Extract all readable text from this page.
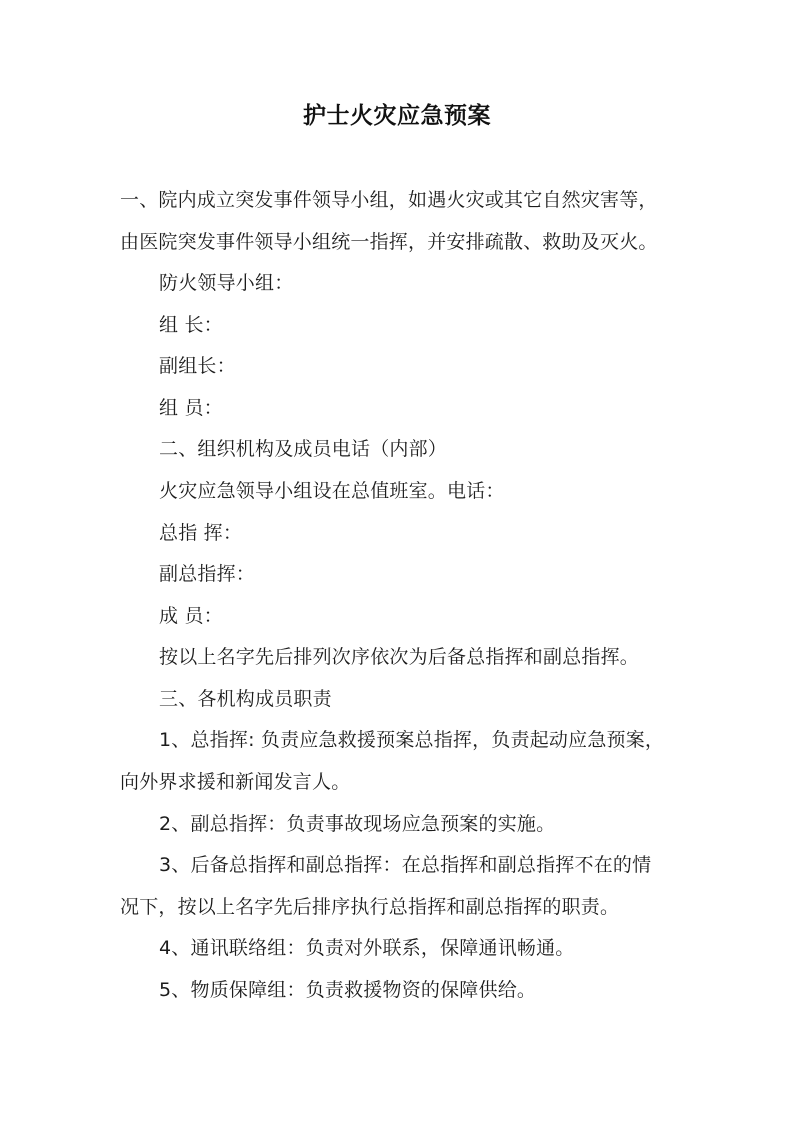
护士火灾应急预案
一、院内成立突发事件领导小组，如遇火灾或其它自然灾害等，
由医院突发事件领导小组统一指挥，并安排疏散、救助及灭火。
防火领导小组：
组 长：
副组长：
组 员：
二、组织机构及成员电话（内部）
火灾应急领导小组设在总值班室。电话：
总指 挥：
副总指挥：
成 员：
按以上名字先后排列次序依次为后备总指挥和副总指挥。
三、各机构成员职责
1、总指挥: 负责应急救援预案总指挥，负责起动应急预案，
向外界求援和新闻发言人。
2、副总指挥：负责事故现场应急预案的实施。
3、后备总指挥和副总指挥：在总指挥和副总指挥不在的情
况下，按以上名字先后排序执行总指挥和副总指挥的职责。
4、通讯联络组：负责对外联系，保障通讯畅通。
5、物质保障组：负责救援物资的保障供给。
